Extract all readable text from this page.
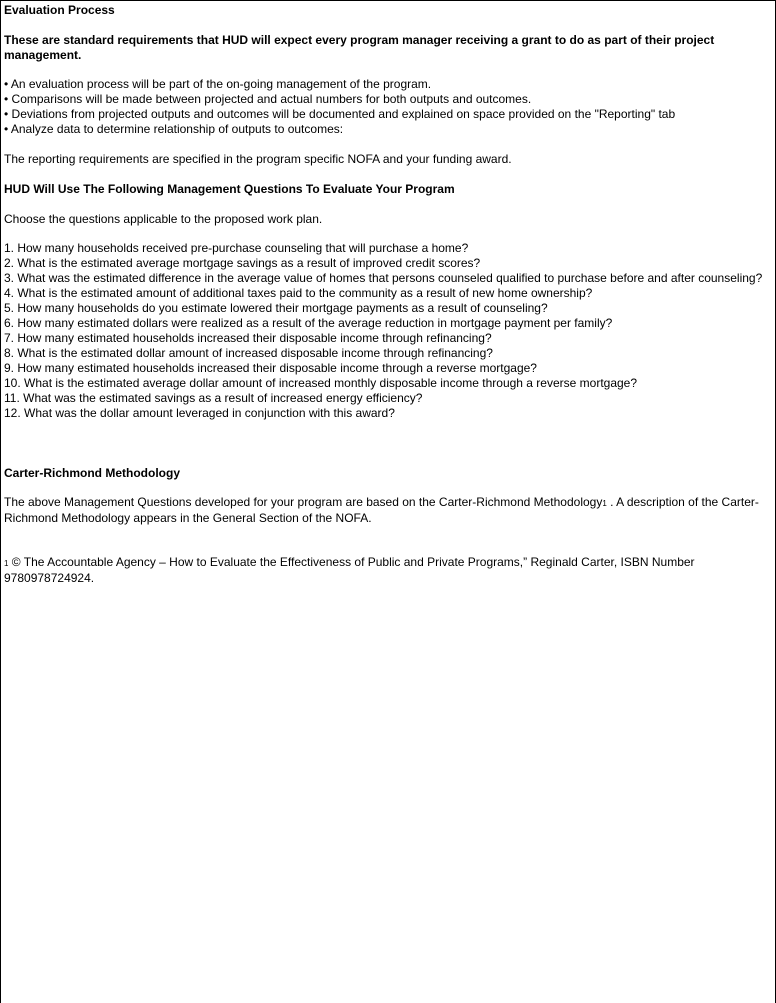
Evaluation Process
These are standard requirements that HUD will expect every program manager receiving a grant to do as part of their project management.
• An evaluation process will be part of the on-going management of the program.
• Comparisons will be made between projected and actual numbers for both outputs and outcomes.
• Deviations from projected outputs and outcomes will be documented and explained on space provided on the "Reporting" tab
• Analyze data to determine relationship of outputs to outcomes:
The reporting requirements are specified in the program specific NOFA and your funding award.
HUD Will Use The Following Management Questions To Evaluate Your Program
Choose the questions applicable to the proposed work plan.
1. How many households received pre-purchase counseling that will purchase a home?
2. What is the estimated average mortgage savings as a result of improved credit scores?
3. What was the estimated difference in the average value of homes that persons counseled qualified to purchase before and after counseling?
4. What is the estimated amount of additional taxes paid to the community as a result of new home ownership?
5. How many households do you estimate lowered their mortgage payments as a result of counseling?
6. How many estimated dollars were realized as a result of the average reduction in mortgage payment per family?
7. How many estimated households increased their disposable income through refinancing?
8. What is the estimated dollar amount of increased disposable income through refinancing?
9. How many estimated households increased their disposable income through a reverse mortgage?
10. What is the estimated average dollar amount of increased monthly disposable income through a reverse mortgage?
11. What was the estimated savings as a result of increased energy efficiency?
12. What was the dollar amount leveraged in conjunction with this award?
Carter-Richmond Methodology
The above Management Questions developed for your program are based on the Carter-Richmond Methodology1 . A description of the Carter-Richmond Methodology appears in the General Section of the NOFA.
1 © The Accountable Agency – How to Evaluate the Effectiveness of Public and Private Programs,” Reginald Carter, ISBN Number 9780978724924.
